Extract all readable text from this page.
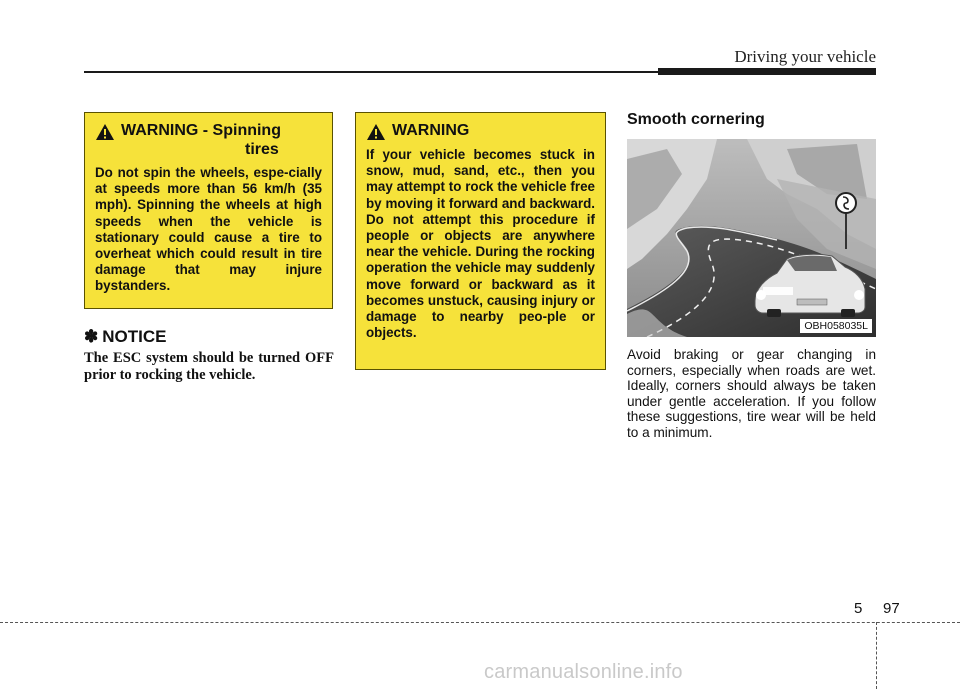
Driving your vehicle
WARNING - Spinning
tires
Do not spin the wheels, espe-cially at speeds more than 56 km/h (35 mph). Spinning the wheels at high speeds when the vehicle is stationary could cause a tire to overheat which could result in tire damage that may injure bystanders.
✽ NOTICE
The ESC system should be turned OFF prior to rocking the vehicle.
WARNING
If your vehicle becomes stuck in snow, mud, sand, etc., then you may attempt to rock the vehicle free by moving it forward and backward. Do not attempt this procedure if people or objects are anywhere near the vehicle. During the rocking operation the vehicle may suddenly move forward or backward as it becomes unstuck, causing injury or damage to nearby peo-ple or objects.
Smooth cornering
OBH058035L
Avoid braking or gear changing in corners, especially when roads are wet. Ideally, corners should always be taken under gentle acceleration. If you follow these suggestions, tire wear will be held to a minimum.
5 97
carmanualsonline.info
